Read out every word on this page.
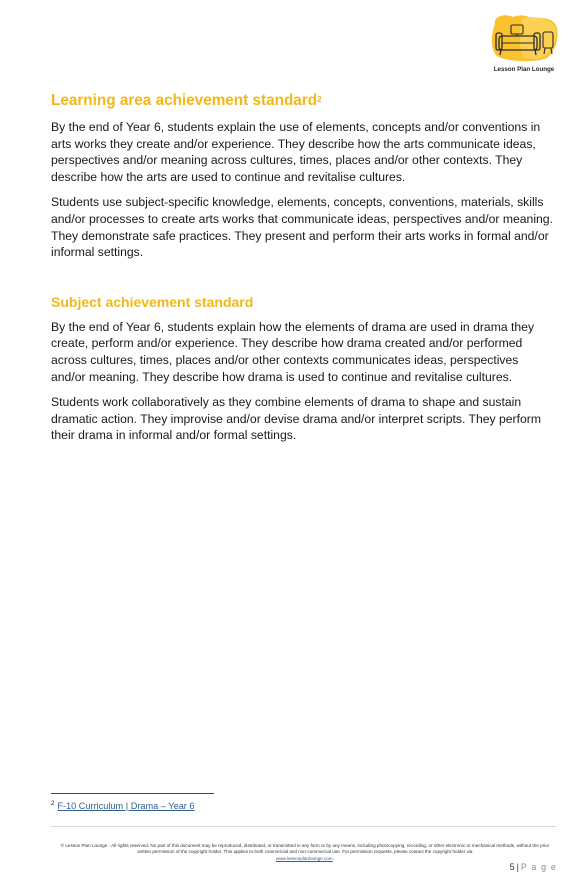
Lesson Plan Lounge
Learning area achievement standard$^2$

By the end of Year 6, students explain the use of elements, concepts and/or conventions in arts works they create and/or experience. They describe how the arts communicate ideas, perspectives and/or meaning across cultures, times, places and/or other contexts. They describe how the arts are used to continue and revitalise cultures.

Students use subject-specific knowledge, elements, concepts, conventions, materials, skills and/or processes to create arts works that communicate ideas, perspectives and/or meaning. They demonstrate safe practices. They present and perform their arts works in formal and/or informal settings.

Subject achievement standard

By the end of Year 6, students explain how the elements of drama are used in drama they create, perform and/or experience. They describe how drama created and/or performed across cultures, times, places and/or other contexts communicates ideas, perspectives and/or meaning. They describe how drama is used to continue and revitalise cultures.

Students work collaboratively as they combine elements of drama to shape and sustain dramatic action. They improvise and/or devise drama and/or interpret scripts. They perform their drama in informal and/or formal settings.

$^2$ F-10 Curriculum | Drama – Year 6
© Lesson Plan Lounge - All rights reserved. No part of this document may be reproduced, distributed, or transmitted in any form or by any means, including photocopying, recording, or other electronic or mechanical methods, without the prior written permission of the copyright holder. This applies to both commercial and non-commercial use. For permission requests, please contact the copyright holder via
www.lessonplanlounge.com.
5 | P a g e
